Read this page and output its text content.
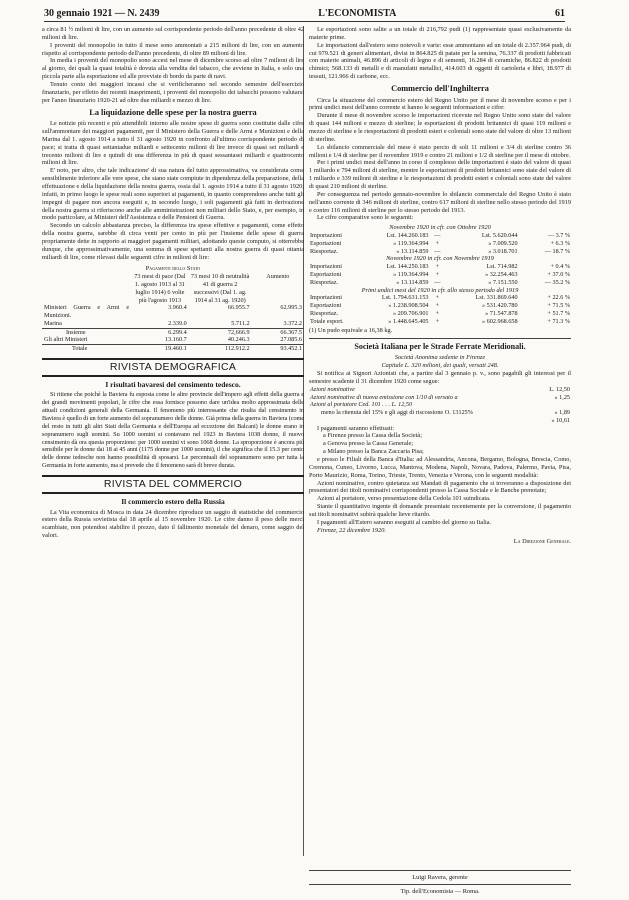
30 gennaio 1921 — N. 2439	L'ECONOMISTA	61

a circa 81 ½ milioni di lire, con un aumento sul corrispondente periodo dell'anno precedente di oltre 42 milioni di lire.

I proventi del monopolio in tutto il mese sono ammontati a 215 milioni di lire, con un aumento rispetto al corrispondente periodo dell'anno precedente, di oltre 89 milioni di lire.

In media i proventi del monopolio sono accesi nel mese di dicembre scorso ad oltre 7 milioni di lire al giorno, dei quali la quasi totalità è dovuta alla vendita del tabacco, che avviene in Italia, e solo una piccola parte alla esportazione ed alle provviste di bordo da parte di navi.

Tenuto conto dei maggiori incassi che si verificheranno nel secondo semestre dell'esercizio finanziario, per effetto dei recenti inasprimenti, i proventi del monopolio dei tabacchi possono valutarsi per l'anno finanziario 1920-21 ad oltre due miliardi e mezzo di lire.

La liquidazione delle spese per la nostra guerra

Le notizie più recenti e più attendibili intorno alle nostre spese di guerra sono costituite dalle cifre sull'ammontare dei maggiori pagamenti, per il Ministero della Guerra e delle Armi e Munizioni e della Marina dal 1. agosto 1914 a tutto il 31 agosto 1920 in confronto all'ultimo corrispondente periodo di pace; si tratta di quasi settantadue miliardi e settecento milioni di lire invece di quasi sei miliardi e trecento milioni di lire e quindi di una differenza in più di quasi sessantasei miliardi e quattrocento milioni di lire.

E' noto, per altro, che tale indicazione' di sua natura del tutto approssimativa, va considerata come sensibilmente inferiore alle vere spese, che siano state compiute in dipendenza della preparazione, della effettuazione e della liquidazione della nostra guerra, ossia dal 1. agosto 1914 a tutto il 31 agosto 1920; infatti, in primo luogo le spese reali sono superiori ai pagamenti, in quanto comprendono anche tutti gli impegni di pagare non ancora eseguiti e, in secondo luogo, i soli pagamenti già fatti in derivazione della nostra guerra si riferiscono anche alle amministrazioni non militari dello Stato, e, per esempio, in modo particolare, ai Ministeri dell'Assistenza e delle Pensioni di Guerra.

Secondo un calcolo abbastanza preciso, la differenza tra spese effettive e pagamenti, come effetto della nostra guerra, sarebbe di circa venti per cento in più per l'insieme delle spese di guerra propriamente dette in rapporto ai maggiori pagamenti militari, adottando queste computo, si otterrebbe dunque, che approssimativamente, una somma di spese spettanti alla nostra guerra di quasi ottanta miliardi di lire, come rilevasi dalle seguenti cifre in milioni di lire:

Pagamenti dello Stato
	73 mesi di pace (Dal 1. agosto 1913 al 31 luglio 1914) 6 volte più l'agosto 1913	73 mesi 10 di neutralità 41 di guerra 2 successivi (Dal 1. ag. 1914 al 31 ag. 1920)	Aumento
Ministeri Guerra e Armi e Munizioni.	3.960.4	66.955.7	62.995.3
Marina	2.339.0	5.711.2	3.372.2
Insieme	6.299.4	72,666.9	66.367.5
Gli altri Ministeri	13.160.7	40.246.3	27.085.6
Totale	19.460.1	112.912.2	93.452.1
RIVISTA DEMOGRAFICA
I risultati bavaresi del censimento tedesco.

Si ritiene che poichè la Baviera fu esposta come le altre provincie dell'impero agli effetti della guerra e dei grandi movimenti popolari, le cifre che essa fornisce possono dare un'idea molto approssimata delle attuali condizioni generali della Germania. Il fenomeno più interessante che risulta dal censimento in Baviera è quello di un forte aumento del sopranumero delle donne. Già prima della guerra in Baviera (come del resto in tutti gli altri Stati della Germania e dell'Europa ad eccezione dei Balcani) le donne erano in sopranumero sugli uomini. Su 1000 uomini si contavano nel 1923 in Baviera 1038 donne, il nuovo censimento dà ora questa proporzione: per 1000 uomini vi sono 1068 donne. La sproporzione è ancora più sensibile per le donne dai 18 ai 45 anni (1175 donne per 1000 uomini), il che significa che il 15.3 per cento delle donne tedesche non hanno possibilità di sposarsi. Le percentuali del sopranumero sono per tutta la Germania in forte aumento, ma si prevede che il fenomeno sarà di breve durata.

RIVISTA DEL COMMERCIO
Il commercio estero della Russia

La Vita economica di Mosca in data 24 dicembre riproduce un saggio di statistiche del commercio estero della Russia sovietista dal 18 aprile al 15 novembre 1920. Le cifre danno il peso delle merci scambiate, non potendosi stabilire il prezzo, dato il fallimento monetale del denaro, come saggio del valori.

Le esportazioni sono salite a un totale di 216,792 pudi (1) rappresentate quasi esclusivamente da materie prime.

Le importazioni dall'estero sono notevoli e varie: esse ammontano ad un totale di 2.357.964 pudi, di cui 979.521 di generi alimentari, divisi in 864.825 di patate per la semina, 76.337 di prodotti fabbricati con materie animali, 46.896 di articoli di legno e di sementi, 16.284 di ceramiche, 86.822 di prodotti chimici; 568.133 di metalli e di manufatti metallici, 414.603 di oggetti di cartoleria e libri, 18.977 di tessuti, 121.966 di carbone, ecc.

Commercio dell'Inghilterra

Circa la situazione del commercio estero del Regno Unito per il mese di novembre scorso e per i primi undici mesi dell'anno corrente si hanno le seguenti informazioni e cifre:

Durante il mese di novembre scorso le importazioni ricevute nel Regno Unito sono state del valore di quasi 144 milioni e mezzo di sterline; le esportazioni di prodotti britannici di quasi 119 milioni e mezzo di sterline e le riesportazioni di prodotti esteri e coloniali sono state del valore di oltre 13 milioni di sterline.

Lo sbilancio commerciale del mese è stato percio di soli 11 milioni e 3/4 di sterline contro 36 milioni e 1/4 di sterline per il novembre 1919 e contro 21 milioni e 1/2 di sterline per il mese di ottobre.

Per i primi undici mesi dell'anno in corso il complesso delle importazioni è stato del valore di quasi 1 miliardo e 794 milioni di sterline, mentre le esportazioni di prodotti britannici sono state del valore di 1 miliardo e 339 milioni di sterline e le riesportazioni di prodotti esteri e coloniali sono state del valore di quasi 210 milioni di sterline.

Per conseguenza nel periodo gennaio-novembre lo sbilancio commerciale del Regno Unito è stato nell'anno corrente di 346 milioni di sterline, contro 617 milioni di sterline nello stesso periodo del 1919 e contro 116 milioni di sterline per lo stesso periodo del 1913.

Le cifre comparative sono le seguenti:

Novembre 1920 in cfr. con Ottobre 1920
Importazioni	Lst. 144.260.183	—	Lst. 5.620.044	— 3.7 %
Esportazioni	» 119.364.994	+	» 7.009.520	+ 6.3 %
Riesportaz.	» 13.114.859	—	» 3.018.701	— 18.7 %
Novembre 1920 in cfr. con Novembre 1919
Importazioni	Lst. 144.250.183	+	Lst. 714.982	+ 0.4 %
Esportazioni	» 119.364.994	+	» 32.254.463	+ 37.0 %
Riesportaz.	» 13.114.859	—	» 7.151.550	— 35.2 %
Primi undici mesi del 1920 in cfr. allo stesso periodo del 1919
Importazioni	Lst. 1.794.631.153	+	Lst. 331.869.640	+ 22.6 %
Esportazioni	» 1.238.908.504	+	» 531.420.780	+ 71.5 %
Riesportaz.	» 209.706.901	+	» 71.547.878	+ 51.7 %
Totale esport.	» 1.448.645.405	+	» 602.968.658	+ 71.3 %

(1) Un pudo equivale a 16,38 kg.

Società Italiana per le Strade Ferrate Meridionali.
Società Anonima sedente in Firenze
Capitale L. 320 milioni, dei quali, versati 248.

Si notifica ai Signori Azionisti che, a partire dal 3 gennaio p. v., sono pagabili gli interessi per il semestre scadente il 31 dicembre 1920 come segue:

Azioni nominative	L. 12,50
Azioni nominative di nuova emissione con 1/10 di versato a	» 1,25
Azioni al portatore Ced. 101 . . . L. 12,50	
meno la ritenuta del 15% e gli aggi di riscossione O. 13125%	» 1,89
	» 10,61

I pagamenti saranno effettuati:

a Firenze presso la Cassa della Società;

a Genova presso la Cassa Generale;

a Milano presso la Banca Zaccaria Pisa;

e presso le Filiali della Banca d'Italia: ad Alessandria, Ancona, Bergamo, Bologna, Brescia, Como, Cremona, Cuneo, Livorno, Lucca, Mantova, Modena, Napoli, Novara, Padova, Palermo, Pavia, Pisa, Porto Maurizio, Roma, Torino, Trieste, Trento, Venezia e Verona, con le seguenti modalità:

Azioni nominative, contro quietanza sui Mandati di pagamento che si troveranno a disposizione dei presentatori dei titoli nominativi corrispondenti presso la Cassa Sociale e le Banche prenotate;

Azioni al portatore, verso presentazione della Cedola 101 suindicata.

Stante il quantitativo ingente di domande presentate recentemente per la conversione, il pagamento sui titoli nominativi subirà qualche lieve ritardo.

I pagamenti all'Estero saranno eseguiti al cambio del giorno su Italia.

Firenze, 22 dicembre 1920.

La Direzione Generale.
Luigi Ravera, gerente
Tip. dell'Economista — Roma.
